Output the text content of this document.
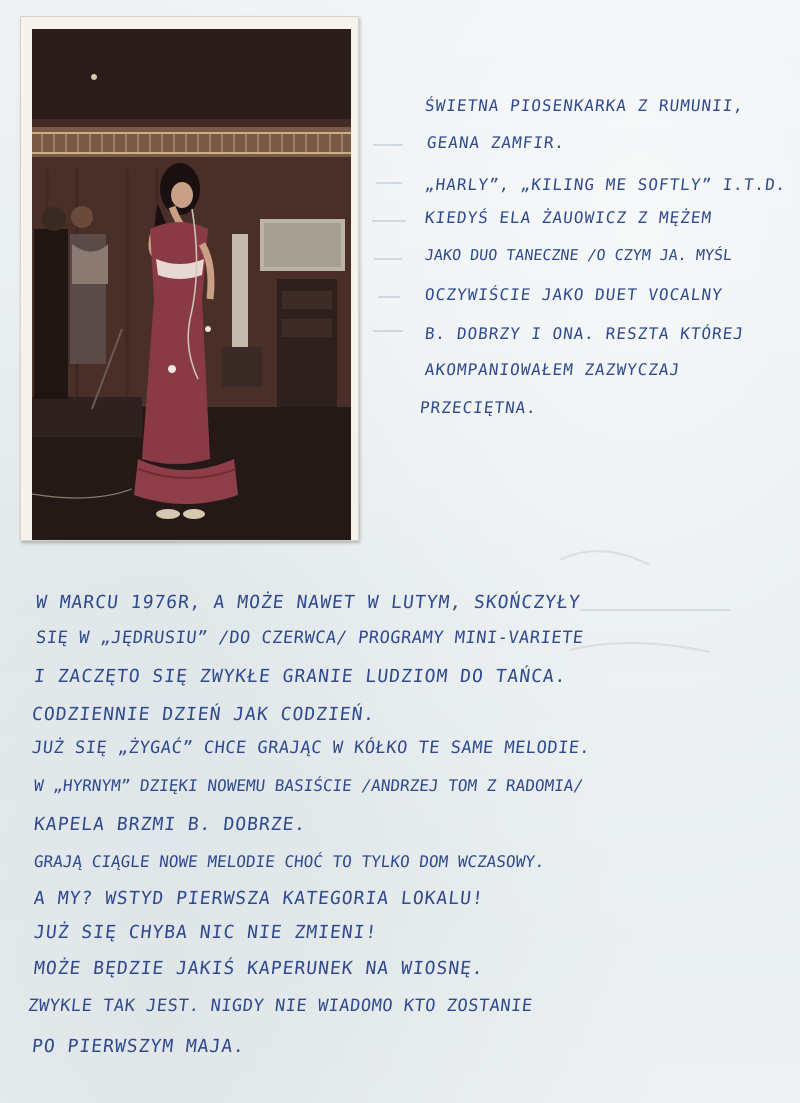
ŚWIETNA PIOSENKARKA Z RUMUNII,

GEANA ZAMFIR.

„HARLY”, „KILING ME SOFTLY” I.T.D.

KIEDYŚ ELA ŻAUOWICZ Z MĘŻEM

JAKO DUO TANECZNE /O CZYM JA. MYŚL

OCZYWIŚCIE JAKO DUET VOCALNY

B. DOBRZY I ONA. RESZTA KTÓREJ

AKOMPANIOWAŁEM ZAZWYCZAJ

PRZECIĘTNA.

W MARCU 1976R, A MOŻE NAWET W LUTYM, SKOŃCZYŁY

SIĘ W „JĘDRUSIU” /DO CZERWCA/ PROGRAMY MINI-VARIETE

I ZACZĘTO SIĘ ZWYKŁE GRANIE LUDZIOM DO TAŃCA.

CODZIENNIE DZIEŃ JAK CODZIEŃ.

JUŻ SIĘ „ŻYGAĆ” CHCE GRAJĄC W KÓŁKO TE SAME MELODIE.

W „HYRNYM” DZIĘKI NOWEMU BASIŚCIE /ANDRZEJ TOM Z RADOMIA/

KAPELA BRZMI B. DOBRZE.

GRAJĄ CIĄGLE NOWE MELODIE CHOĆ TO TYLKO DOM WCZASOWY.

A MY? WSTYD PIERWSZA KATEGORIA LOKALU!

JUŻ SIĘ CHYBA NIC NIE ZMIENI!

MOŻE BĘDZIE JAKIŚ KAPERUNEK NA WIOSNĘ.

ZWYKLE TAK JEST. NIGDY NIE WIADOMO KTO ZOSTANIE

PO PIERWSZYM MAJA.
